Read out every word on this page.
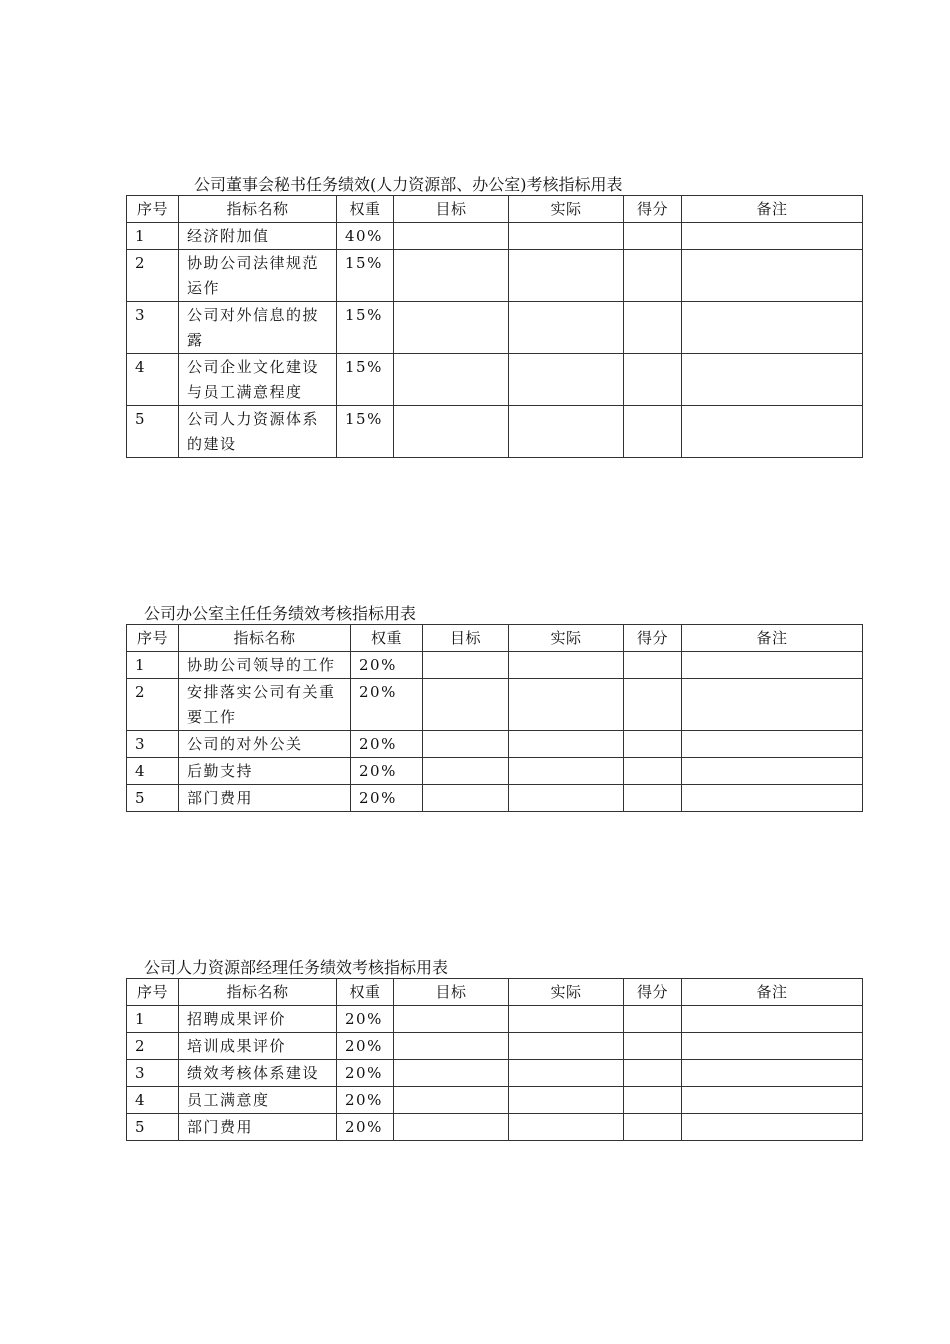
公司董事会秘书任务绩效(人力资源部、办公室)考核指标用表
序号	指标名称	权重	目标	实际	得分	备注
1	经济附加值	40%				
2	协助公司法律规范运作	15%				
3	公司对外信息的披露	15%				
4	公司企业文化建设与员工满意程度	15%				
5	公司人力资源体系的建设	15%				
公司办公室主任任务绩效考核指标用表
序号	指标名称	权重	目标	实际	得分	备注
1	协助公司领导的工作	20%				
2	安排落实公司有关重要工作	20%				
3	公司的对外公关	20%				
4	后勤支持	20%				
5	部门费用	20%				
公司人力资源部经理任务绩效考核指标用表
序号	指标名称	权重	目标	实际	得分	备注
1	招聘成果评价	20%				
2	培训成果评价	20%				
3	绩效考核体系建设	20%				
4	员工满意度	20%				
5	部门费用	20%				
